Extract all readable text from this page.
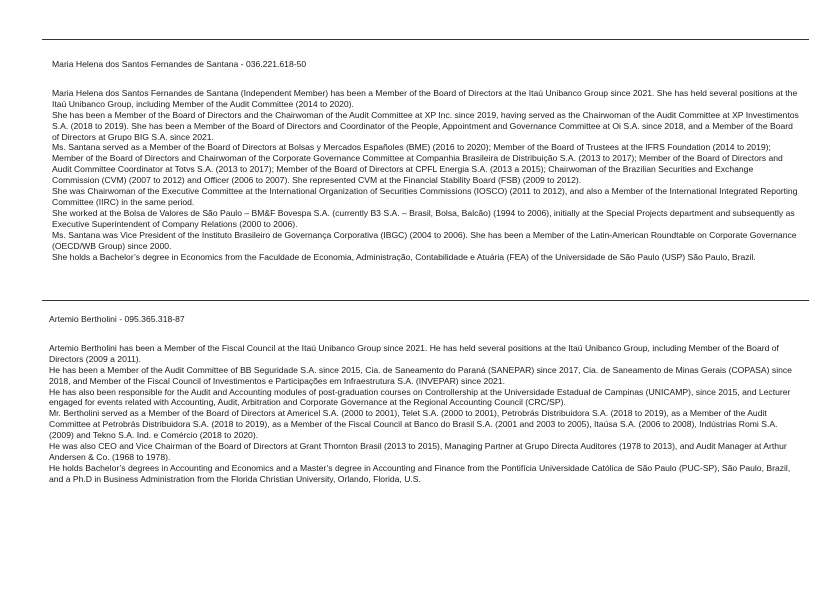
Maria Helena dos Santos Fernandes de Santana - 036.221.618-50

Maria Helena dos Santos Fernandes de Santana (Independent Member) has been a Member of the Board of Directors at the Itaú Unibanco Group since 2021. She has held several positions at the Itaú Unibanco Group, including Member of the Audit Committee (2014 to 2020).

She has been a Member of the Board of Directors and the Chairwoman of the Audit Committee at XP Inc. since 2019, having served as the Chairwoman of the Audit Committee at XP Investimentos S.A. (2018 to 2019). She has been a Member of the Board of Directors and Coordinator of the People, Appointment and Governance Committee at Oi S.A. since 2018, and a Member of the Board of Directors at Grupo BIG S.A. since 2021.

Ms. Santana served as a Member of the Board of Directors at Bolsas y Mercados Españoles (BME) (2016 to 2020); Member of the Board of Trustees at the IFRS Foundation (2014 to 2019); Member of the Board of Directors and Chairwoman of the Corporate Governance Committee at Companhia Brasileira de Distribuição S.A. (2013 to 2017); Member of the Board of Directors and Audit Committee Coordinator at Totvs S.A. (2013 to 2017); Member of the Board of Directors at CPFL Energia S.A. (2013 a 2015); Chairwoman of the Brazilian Securities and Exchange Commission (CVM) (2007 to 2012) and Officer (2006 to 2007). She represented CVM at the Financial Stability Board (FSB) (2009 to 2012).

She was Chairwoman of the Executive Committee at the International Organization of Securities Commissions (IOSCO) (2011 to 2012), and also a Member of the International Integrated Reporting Committee (IIRC) in the same period.

She worked at the Bolsa de Valores de São Paulo – BM&F Bovespa S.A. (currently B3 S.A. – Brasil, Bolsa, Balcão) (1994 to 2006), initially at the Special Projects department and subsequently as Executive Superintendent of Company Relations (2000 to 2006).

Ms. Santana was Vice President of the Instituto Brasileiro de Governança Corporativa (IBGC) (2004 to 2006). She has been a Member of the Latin-American Roundtable on Corporate Governance (OECD/WB Group) since 2000.

She holds a Bachelor’s degree in Economics from the Faculdade de Economia, Administração, Contabilidade e Atuária (FEA) of the Universidade de São Paulo (USP) São Paulo, Brazil.

Artemio Bertholini - 095.365.318-87

Artemio Bertholini has been a Member of the Fiscal Council at the Itaú Unibanco Group since 2021. He has held several positions at the Itaú Unibanco Group, including Member of the Board of Directors (2009 a 2011).

He has been a Member of the Audit Committee of BB Seguridade S.A. since 2015, Cia. de Saneamento do Paraná (SANEPAR) since 2017, Cia. de Saneamento de Minas Gerais (COPASA) since 2018, and Member of the Fiscal Council of Investimentos e Participações em Infraestrutura S.A. (INVEPAR) since 2021.

He has also been responsible for the Audit and Accounting modules of post-graduation courses on Controllership at the Universidade Estadual de Campinas (UNICAMP), since 2015, and Lecturer engaged for events related with Accounting, Audit, Arbitration and Corporate Governance at the Regional Accounting Council (CRC/SP).

Mr. Bertholini served as a Member of the Board of Directors at Americel S.A. (2000 to 2001), Telet S.A. (2000 to 2001), Petrobrás Distribuidora S.A. (2018 to 2019), as a Member of the Audit Committee at Petrobrás Distribuidora S.A. (2018 to 2019), as a Member of the Fiscal Council at Banco do Brasil S.A. (2001 and 2003 to 2005), Itaúsa S.A. (2006 to 2008), Indústrias Romi S.A. (2009) and Tekno S.A. Ind. e Comércio (2018 to 2020).

He was also CEO and Vice Chairman of the Board of Directors at Grant Thornton Brasil (2013 to 2015), Managing Partner at Grupo Directa Auditores (1978 to 2013), and Audit Manager at Arthur Andersen & Co. (1968 to 1978).

He holds Bachelor’s degrees in Accounting and Economics and a Master’s degree in Accounting and Finance from the Pontifícia Universidade Católica de São Paulo (PUC-SP), São Paulo, Brazil, and a Ph.D in Business Administration from the Florida Christian University, Orlando, Florida, U.S.
